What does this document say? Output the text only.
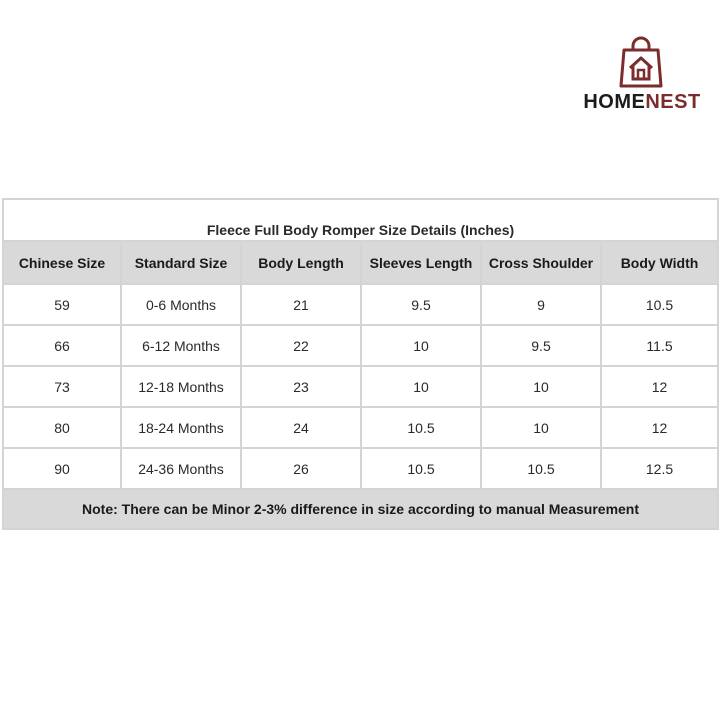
HOMENEST
Fleece Full Body Romper Size Details (Inches)					
Chinese Size	Standard Size	Body Length	Sleeves Length	Cross Shoulder	Body Width
59	0-6 Months	21	9.5	9	10.5
66	6-12 Months	22	10	9.5	11.5
73	12-18 Months	23	10	10	12
80	18-24 Months	24	10.5	10	12
90	24-36 Months	26	10.5	10.5	12.5
Note: There can be Minor 2-3% difference in size according to manual Measurement					
